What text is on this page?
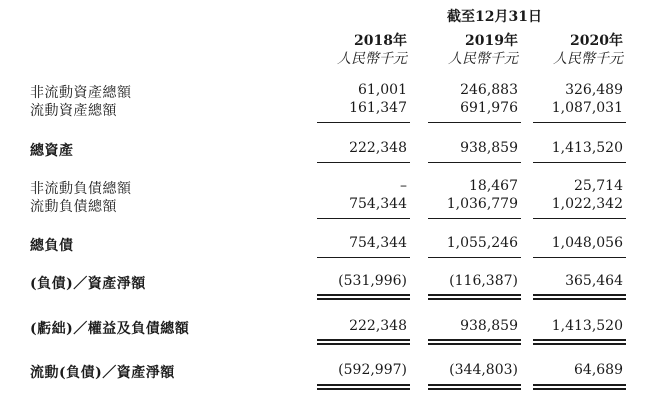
截至12月31日
2018年	2019年	2020年
人民幣千元	人民幣千元	人民幣千元
非流動資產總額	61,001	246,883	326,489
流動資產總額	161,347	691,976	1,087,031
總資產	222,348	938,859	1,413,520
非流動負債總額	–	18,467	25,714
流動負債總額	754,344	1,036,779	1,022,342
總負債	754,344	1,055,246	1,048,056
(負債)／資產淨額	(531,996)	(116,387)	365,464
(虧絀)／權益及負債總額	222,348	938,859	1,413,520
流動(負債)／資產淨額	(592,997)	(344,803)	64,689
